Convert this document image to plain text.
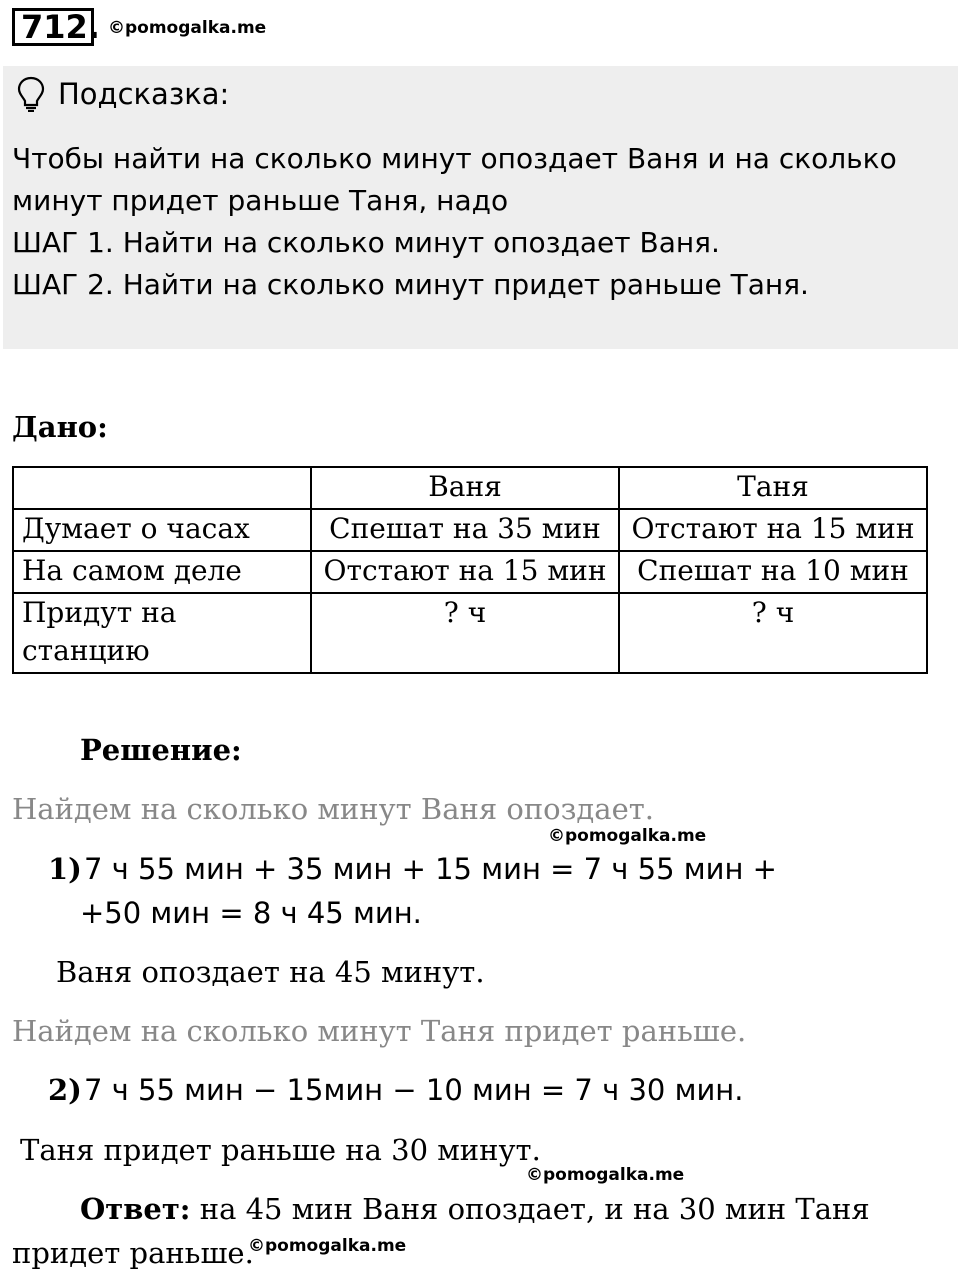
712. ©pomogalka.me
Подсказка:
Чтобы найти на сколько минут опоздает Ваня и на сколько
минут придет раньше Таня, надо
ШАГ 1. Найти на сколько минут опоздает Ваня.
ШАГ 2. Найти на сколько минут придет раньше Таня.
Дано:
	Ваня	Таня
Думает о часах	Спешат на 35 мин	Отстают на 15 мин
На самом деле	Отстают на 15 мин	Спешат на 10 мин
Придут на станцию	? ч	? ч
Решение:
Найдем на сколько минут Ваня опоздает.
©pomogalka.me
1) 7 ч 55 мин + 35 мин + 15 мин = 7 ч 55 мин +
+50 мин = 8 ч 45 мин.
Ваня опоздает на 45 минут.
Найдем на сколько минут Таня придет раньше.
2) 7 ч 55 мин − 15мин − 10 мин = 7 ч 30 мин.
Таня придет раньше на 30 минут.
©pomogalka.me
Ответ: на 45 мин Ваня опоздает, и на 30 мин Таня
придет раньше.
©pomogalka.me
